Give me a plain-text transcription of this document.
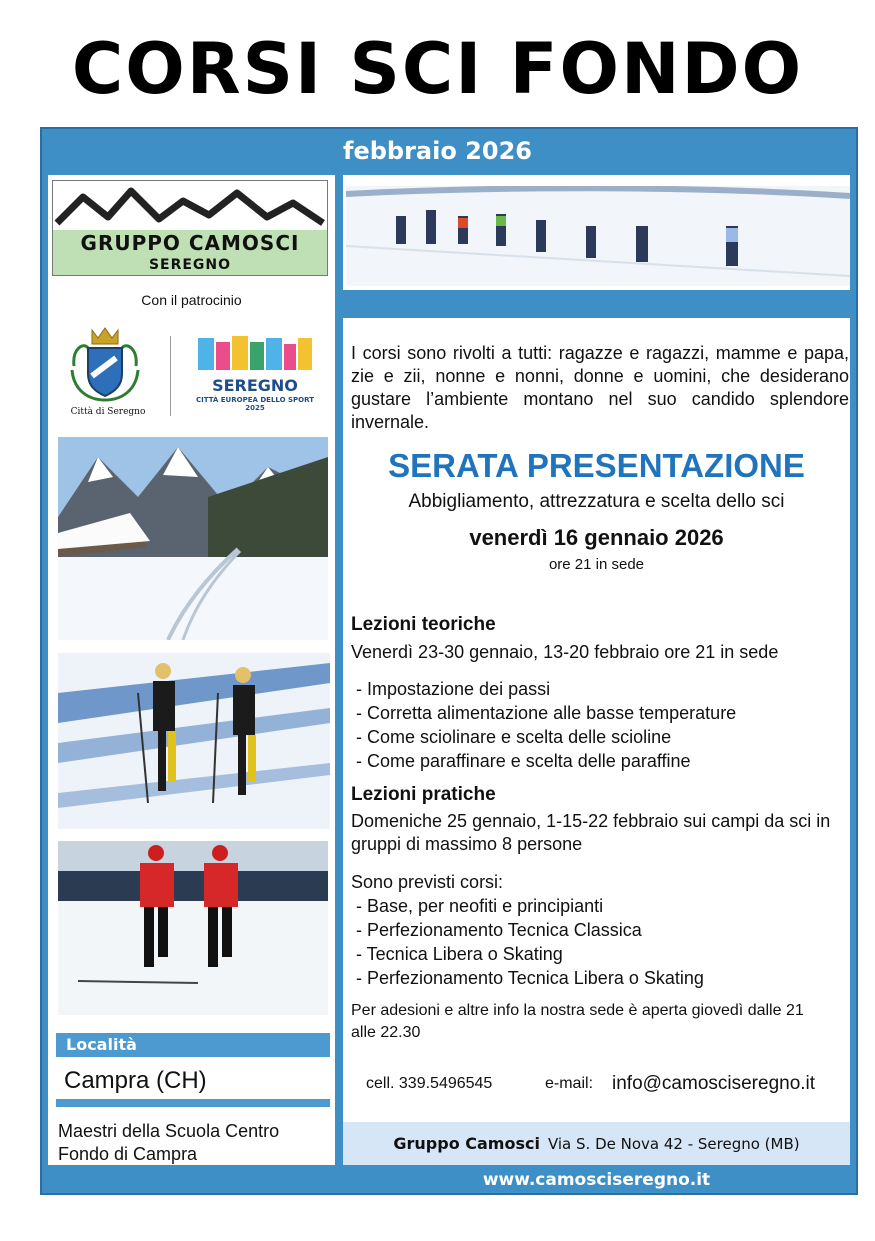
CORSI SCI FONDO
febbraio 2026
GRUPPO CAMOSCI
SEREGNO
Con il patrocinio
Città di Seregno
SEREGNO
CITTÀ EUROPEA DELLO SPORT 2025
Località
Campra (CH)
Maestri della Scuola Centro Fondo di Campra
I corsi sono rivolti a tutti: ragazze e ragazzi, mamme e papa, zie e zii, nonne e nonni, donne e uomini, che desiderano gustare l’ambiente montano nel suo candido splendore invernale.
SERATA PRESENTAZIONE
Abbigliamento, attrezzatura e scelta dello sci
venerdì 16 gennaio 2026
ore 21 in sede
Lezioni teoriche
Venerdì 23-30 gennaio, 13-20 febbraio ore 21 in sede
- Impostazione dei passi
- Corretta alimentazione alle basse temperature
- Come sciolinare e scelta delle scioline
- Come paraffinare e scelta delle paraffine
Lezioni pratiche
Domeniche 25 gennaio, 1-15-22 febbraio sui campi da sci in gruppi di massimo 8 persone
Sono previsti corsi:
- Base, per neofiti e principianti
- Perfezionamento Tecnica Classica
- Tecnica Libera o Skating
- Perfezionamento Tecnica Libera o Skating
Per adesioni e altre info la nostra sede è aperta giovedì dalle 21 alle 22.30
cell. 339.5496545	e-mail: info@camosciseregno.it
Gruppo Camosci Via S. De Nova 42 - Seregno (MB)
www.camosciseregno.it
